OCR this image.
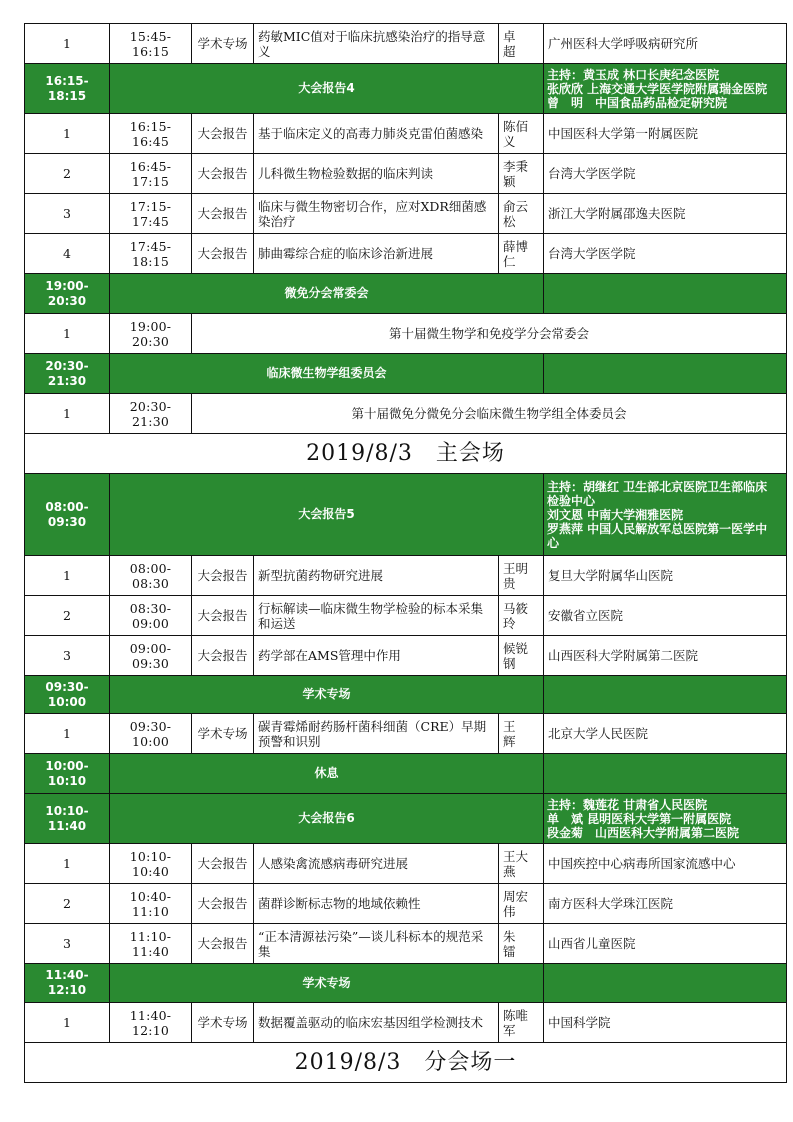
1	15:45-16:15	学术专场	药敏MIC值对于临床抗感染治疗的指导意义	卓　超	广州医科大学呼吸病研究所
16:15-18:15	大会报告4				主持：黄玉成 林口长庚纪念医院
张欣欣 上海交通大学医学院附属瑞金医院
曾　明　中国食品药品检定研究院

1	16:15-16:45	大会报告	基于临床定义的高毒力肺炎克雷伯菌感染	陈佰义	中国医科大学第一附属医院
2	16:45-17:15	大会报告	儿科微生物检验数据的临床判读	李秉颖	台湾大学医学院
3	17:15-17:45	大会报告	临床与微生物密切合作，应对XDR细菌感染治疗	俞云松	浙江大学附属邵逸夫医院
4	17:45-18:15	大会报告	肺曲霉综合症的临床诊治新进展	薛博仁	台湾大学医学院
19:00-20:30	微免分会常委会				
1	19:00-20:30	第十届微生物学和免疫学分会常委会			
20:30-21:30	临床微生物学组委员会				
1	20:30-21:30	第十届微免分微免分会临床微生物学组全体委员会			
2019/8/3　主会场					
08:00-09:30	大会报告5				主持：胡继红 卫生部北京医院卫生部临床
检验中心
刘文恩 中南大学湘雅医院
罗燕萍 中国人民解放军总医院第一医学中
心

1	08:00-08:30	大会报告	新型抗菌药物研究进展	王明贵	复旦大学附属华山医院
2	08:30-09:00	大会报告	行标解读—临床微生物学检验的标本采集和运送	马筱玲	安徽省立医院
3	09:00-09:30	大会报告	药学部在AMS管理中作用	候锐钢	山西医科大学附属第二医院
09:30-10:00	学术专场				
1	09:30-10:00	学术专场	碳青霉烯耐药肠杆菌科细菌（CRE）早期预警和识别	王　辉	北京大学人民医院
10:00-10:10	休息				
10:10-11:40	大会报告6				主持：魏莲花 甘肃省人民医院
单　斌 昆明医科大学第一附属医院
段金菊　山西医科大学附属第二医院

1	10:10-10:40	大会报告	人感染禽流感病毒研究进展	王大燕	中国疾控中心病毒所国家流感中心
2	10:40-11:10	大会报告	菌群诊断标志物的地域依赖性	周宏伟	南方医科大学珠江医院
3	11:10-11:40	大会报告	“正本清源祛污染”—谈儿科标本的规范采集	朱　镭	山西省儿童医院
11:40-12:10	学术专场				
1	11:40-12:10	学术专场	数据覆盖驱动的临床宏基因组学检测技术	陈唯军	中国科学院
2019/8/3　分会场一					
